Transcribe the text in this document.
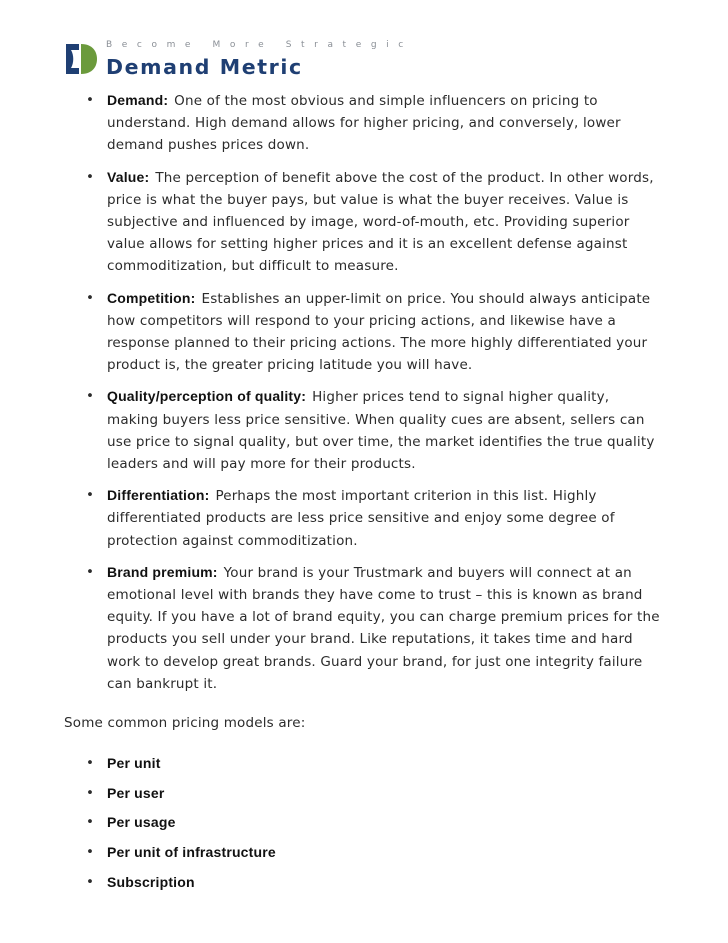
Become More Strategic
Demand Metric
• Demand: One of the most obvious and simple influencers on pricing to understand. High demand allows for higher pricing, and conversely, lower demand pushes prices down.
• Value: The perception of benefit above the cost of the product. In other words, price is what the buyer pays, but value is what the buyer receives. Value is subjective and influenced by image, word-of-mouth, etc. Providing superior value allows for setting higher prices and it is an excellent defense against commoditization, but difficult to measure.
• Competition: Establishes an upper-limit on price. You should always anticipate how competitors will respond to your pricing actions, and likewise have a response planned to their pricing actions. The more highly differentiated your product is, the greater pricing latitude you will have.
• Quality/perception of quality: Higher prices tend to signal higher quality, making buyers less price sensitive. When quality cues are absent, sellers can use price to signal quality, but over time, the market identifies the true quality leaders and will pay more for their products.
• Differentiation: Perhaps the most important criterion in this list. Highly differentiated products are less price sensitive and enjoy some degree of protection against commoditization.
• Brand premium: Your brand is your Trustmark and buyers will connect at an emotional level with brands they have come to trust – this is known as brand equity. If you have a lot of brand equity, you can charge premium prices for the products you sell under your brand. Like reputations, it takes time and hard work to develop great brands. Guard your brand, for just one integrity failure can bankrupt it.
Some common pricing models are:
• Per unit
• Per user
• Per usage
• Per unit of infrastructure
• Subscription
